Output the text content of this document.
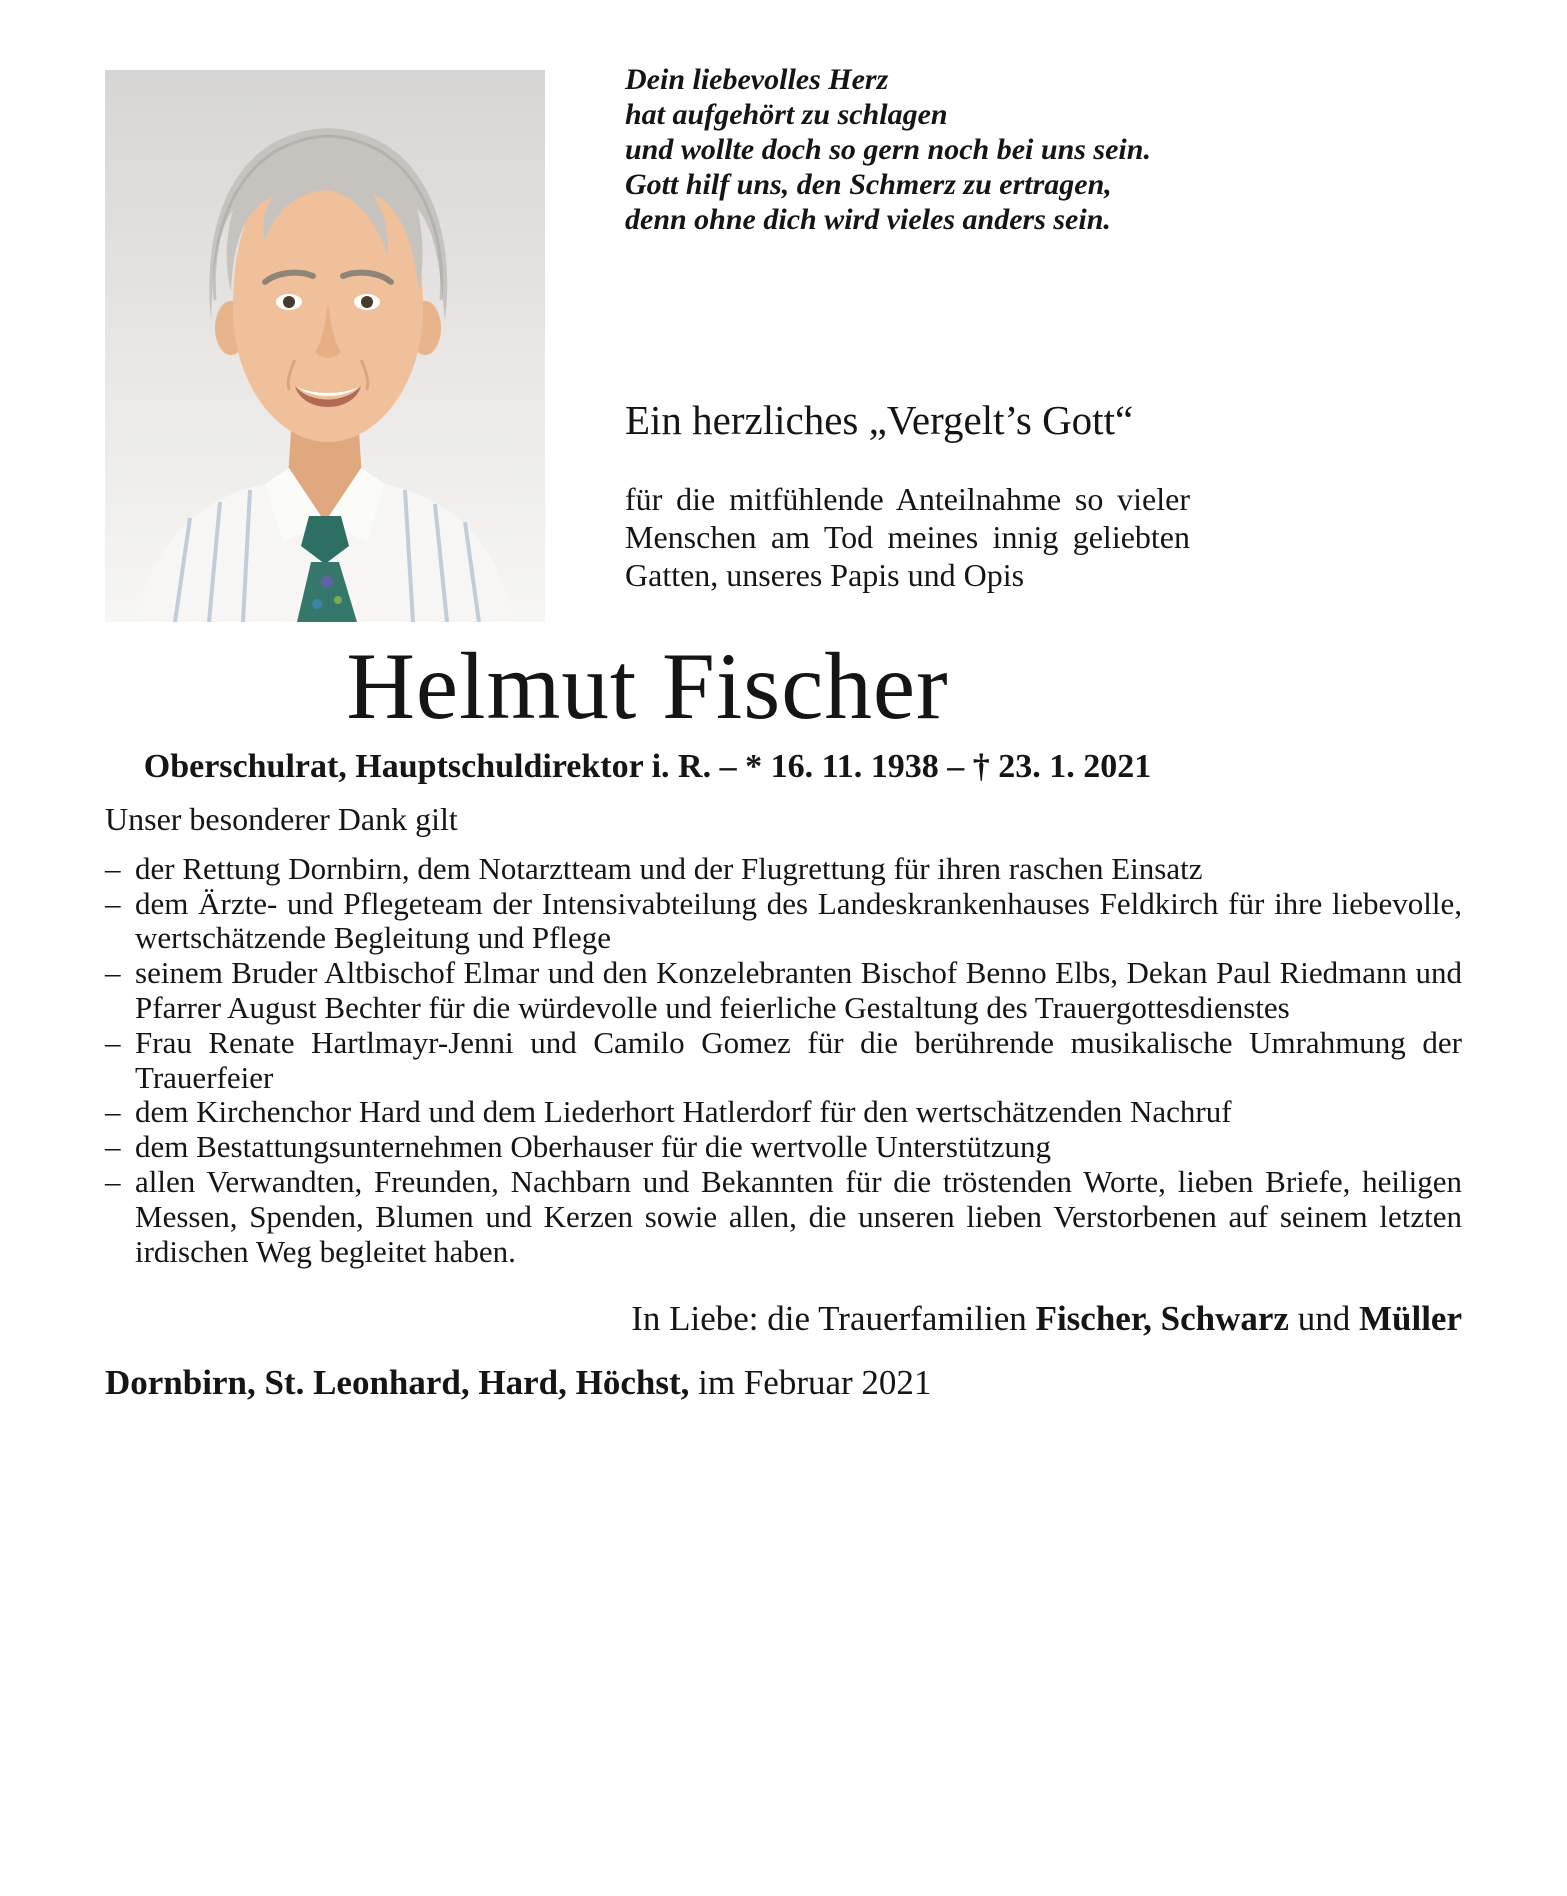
Dein liebevolles Herz
hat aufgehört zu schlagen
und wollte doch so gern noch bei uns sein.
Gott hilf uns, den Schmerz zu ertragen,
denn ohne dich wird vieles anders sein.
Ein herzliches „Vergelt’s Gott“
für die mitfühlende Anteilnahme so vieler Menschen am Tod meines innig geliebten Gatten, unseres Papis und Opis
Helmut Fischer
Oberschulrat, Hauptschuldirektor i. R. – * 16. 11. 1938 – † 23. 1. 2021
Unser besonderer Dank gilt
– der Rettung Dornbirn, dem Notarztteam und der Flugrettung für ihren raschen Einsatz
– dem Ärzte- und Pflegeteam der Intensivabteilung des Landeskrankenhauses Feldkirch für ihre liebevolle, wertschätzende Begleitung und Pflege
– seinem Bruder Altbischof Elmar und den Konzelebranten Bischof Benno Elbs, Dekan Paul Riedmann und Pfarrer August Bechter für die würdevolle und feierliche Gestaltung des Trauergottesdienstes
– Frau Renate Hartlmayr-Jenni und Camilo Gomez für die berührende musikalische Umrahmung der Trauerfeier
– dem Kirchenchor Hard und dem Liederhort Hatlerdorf für den wertschätzenden Nachruf
– dem Bestattungsunternehmen Oberhauser für die wertvolle Unterstützung
– allen Verwandten, Freunden, Nachbarn und Bekannten für die tröstenden Worte, lieben Briefe, heiligen Messen, Spenden, Blumen und Kerzen sowie allen, die unseren lieben Verstorbenen auf seinem letzten irdischen Weg begleitet haben.
In Liebe: die Trauerfamilien Fischer, Schwarz und Müller
Dornbirn, St. Leonhard, Hard, Höchst, im Februar 2021
